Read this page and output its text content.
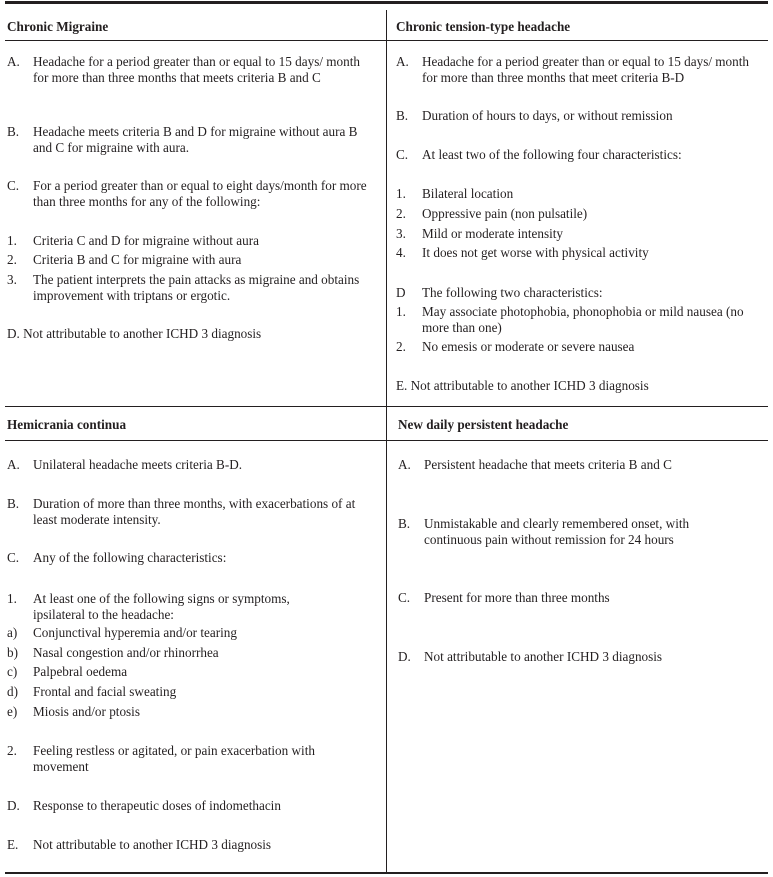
Chronic Migraine
A. Headache for a period greater than or equal to 15 days/ month for more than three months that meets criteria B and C
B.	Headache meets criteria B and D for migraine without aura B and C for migraine with aura.
C.	For a period greater than or equal to eight days/month for more than three months for any of the following:
1.	Criteria C and D for migraine without aura
2.	Criteria B and C for migraine with aura
3.	The patient interprets the pain attacks as migraine and obtains improvement with triptans or ergotic.
D. Not attributable to another ICHD 3 diagnosis
Chronic tension-type headache
A. Headache for a period greater than or equal to 15 days/ month for more than three months that meet criteria B-D
B.	Duration of hours to days, or without remission
C.	At least two of the following four characteristics:
1.	Bilateral location
2.	Oppressive pain (non pulsatile)
3.	Mild or moderate intensity
4.	It does not get worse with physical activity
D	The following two characteristics:
1.	May associate photophobia, phonophobia or mild nausea (no more than one)
2.	No emesis or moderate or severe nausea
E. Not attributable to another ICHD 3 diagnosis
Hemicrania continua
A. Unilateral headache meets criteria B-D.
B.	Duration of more than three months, with exacerbations of at least moderate intensity.
C.	Any of the following characteristics:
1.	At least one of the following signs or symptoms, ipsilateral to the headache:
a)	Conjunctival hyperemia and/or tearing
b)	Nasal congestion and/or rhinorrhea
c)	Palpebral oedema
d)	Frontal and facial sweating
e)	Miosis and/or ptosis
2.	Feeling restless or agitated, or pain exacerbation with movement
D. Response to therapeutic doses of indomethacin
E.	Not attributable to another ICHD 3 diagnosis
New daily persistent headache
A. Persistent headache that meets criteria B and C
B.	Unmistakable and clearly remembered onset, with continuous pain without remission for 24 hours
C.	Present for more than three months
D. Not attributable to another ICHD 3 diagnosis
